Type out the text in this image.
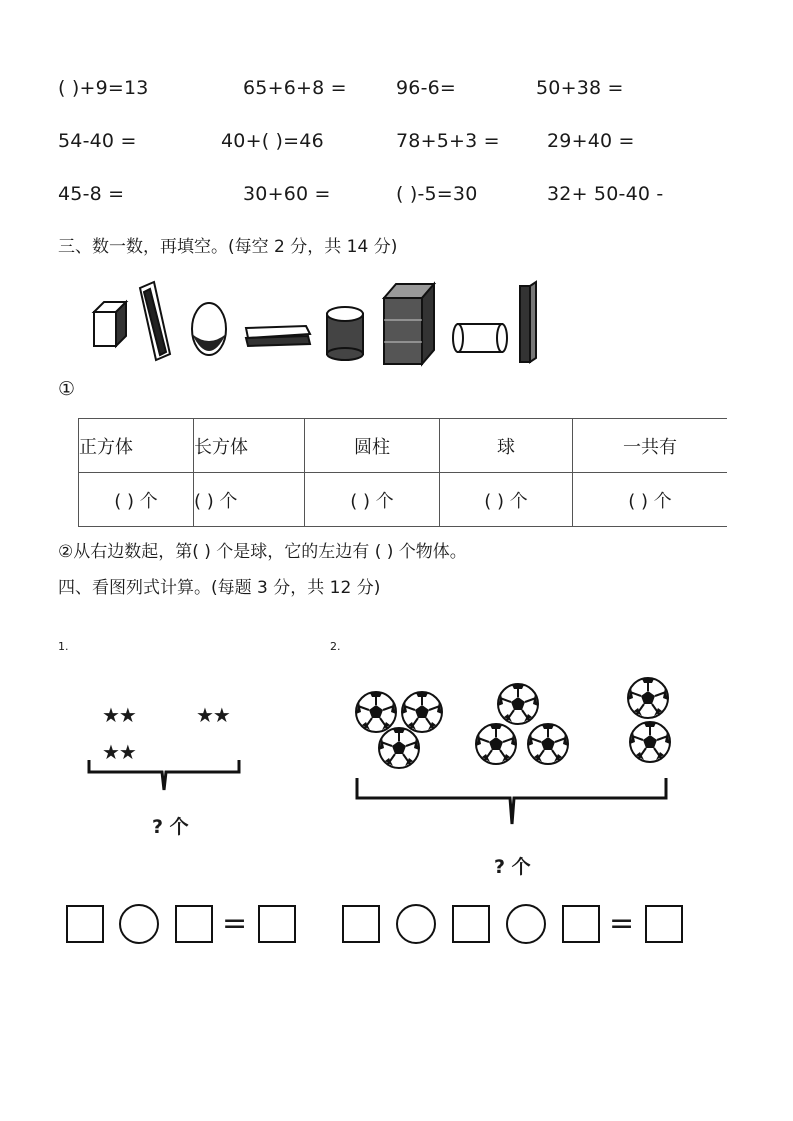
( )+9=13	65+6+8 =	96-6=	50+38 =
54-40 =	40+( )=46	78+5+3 = 29+40 =
45-8 =	30+60 =	( )-5=30	32+ 50-40 -
三、数一数，再填空。(每空 2 分，共 14 分)
①
正方体	长方体	圆柱	球	一共有
( ) 个	( ) 个	( ) 个	( ) 个	( ) 个
②从右边数起，第( ) 个是球，它的左边有 ( ) 个物体。
四、看图列式计算。(每题 3 分，共 12 分)
1.	2.
★★	★★
★★
? 个
? 个
=	=
